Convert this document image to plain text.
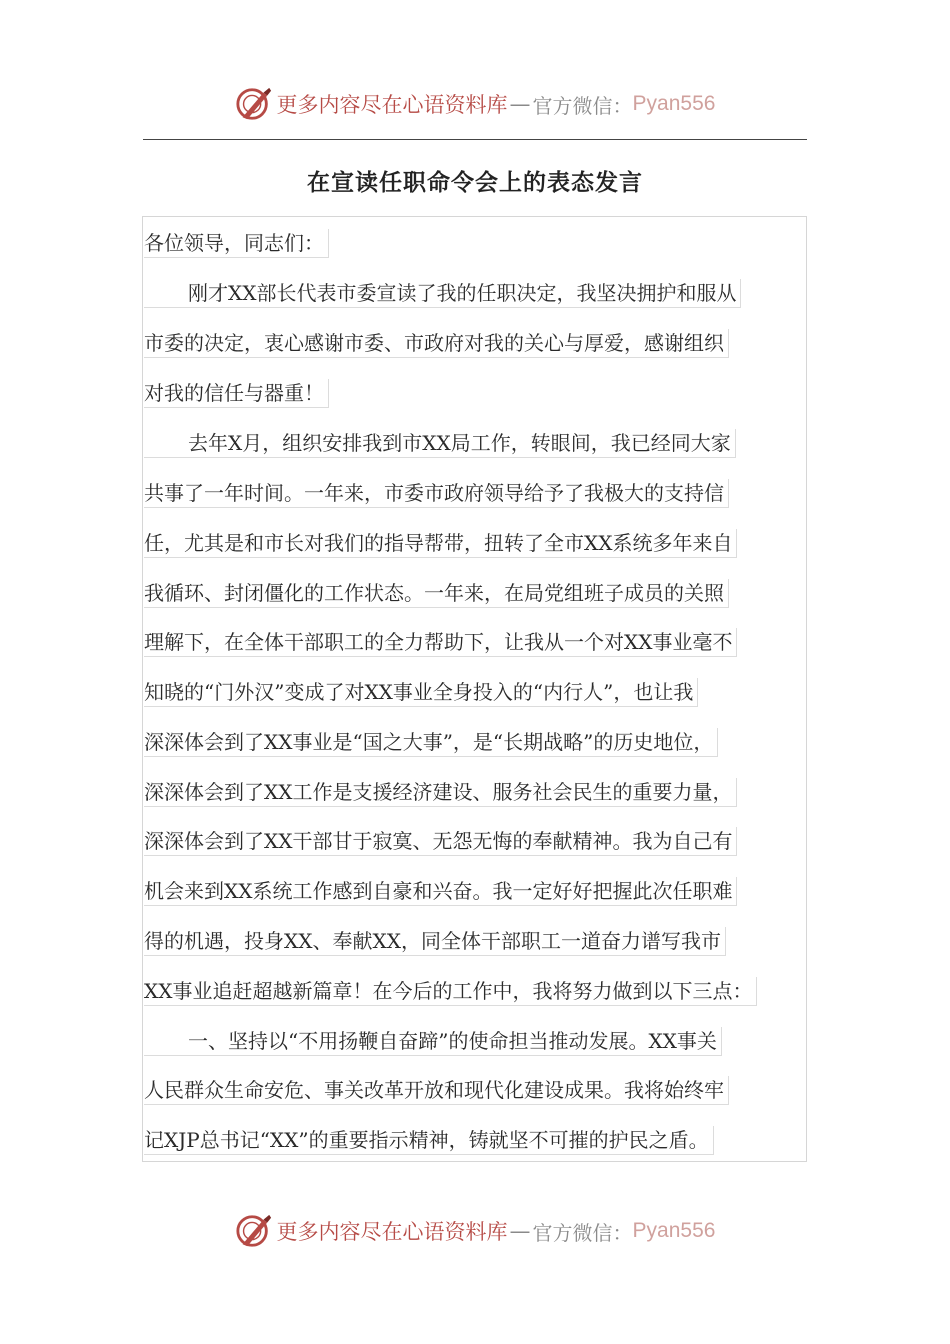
更多内容尽在心语资料库 — 官方微信： Pyan556
在宣读任职命令会上的表态发言
各位领导，同志们：
刚才XX部长代表市委宣读了我的任职决定，我坚决拥护和服从
市委的决定，衷心感谢市委、市政府对我的关心与厚爱，感谢组织
对我的信任与器重！
去年X月，组织安排我到市XX局工作，转眼间，我已经同大家
共事了一年时间。一年来，市委市政府领导给予了我极大的支持信
任，尤其是和市长对我们的指导帮带，扭转了全市XX系统多年来自
我循环、封闭僵化的工作状态。一年来，在局党组班子成员的关照
理解下，在全体干部职工的全力帮助下，让我从一个对XX事业毫不
知晓的“门外汉”变成了对XX事业全身投入的“内行人”，也让我
深深体会到了XX事业是“国之大事”，是“长期战略”的历史地位，
深深体会到了XX工作是支援经济建设、服务社会民生的重要力量，
深深体会到了XX干部甘于寂寞、无怨无悔的奉献精神。我为自己有
机会来到XX系统工作感到自豪和兴奋。我一定好好把握此次任职难
得的机遇，投身XX、奉献XX，同全体干部职工一道奋力谱写我市
XX事业追赶超越新篇章！在今后的工作中，我将努力做到以下三点：
一、坚持以“不用扬鞭自奋蹄”的使命担当推动发展。XX事关
人民群众生命安危、事关改革开放和现代化建设成果。我将始终牢
记XJP总书记“XX”的重要指示精神，铸就坚不可摧的护民之盾。
更多内容尽在心语资料库 — 官方微信： Pyan556
